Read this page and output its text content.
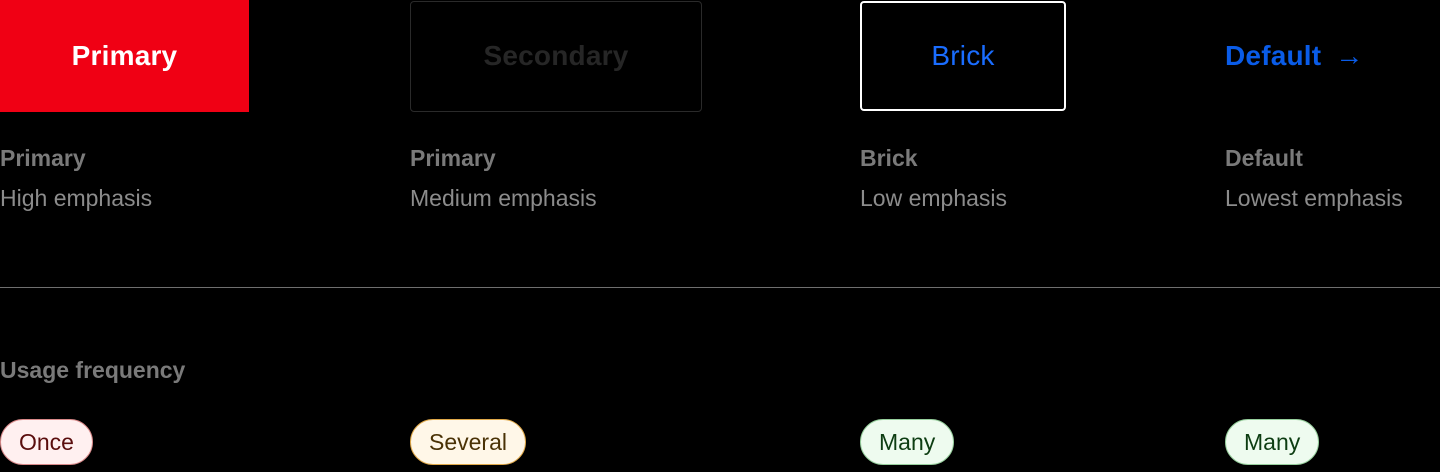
Primary	Secondary	Brick	Default →
Primary
High emphasis
Primary
Medium emphasis
Brick
Low emphasis
Default
Lowest emphasis
Usage frequency
Once	Several	Many	Many
